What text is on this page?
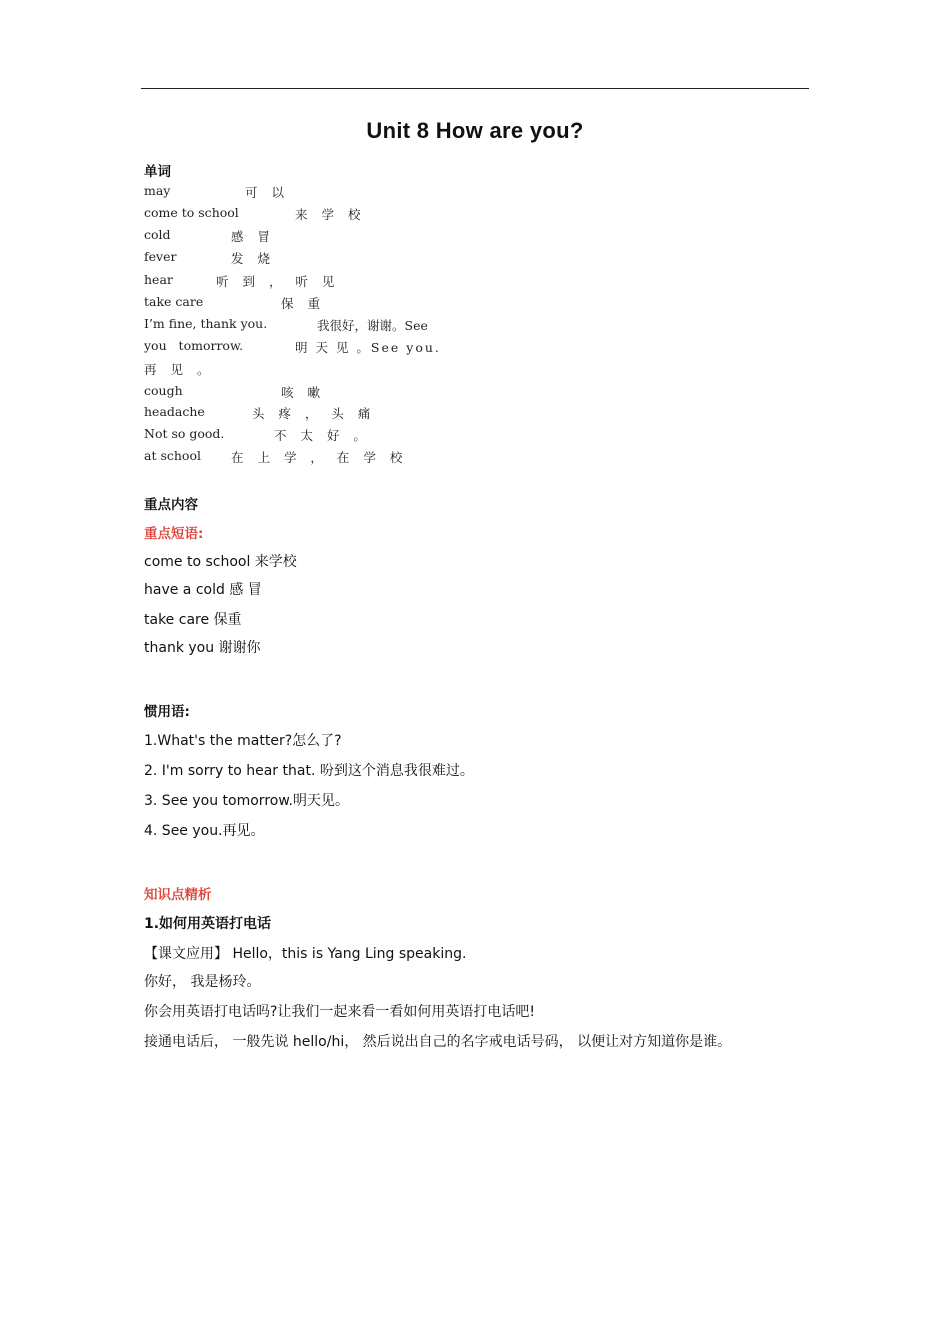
Unit 8 How are you?
单词
may	可 以
come to school	来 学 校
cold	感 冒
fever	发 烧
hear	听 到 ， 听 见
take care	保 重
I’m fine, thank you.	我很好，谢谢。See
you   tomorrow.	明 天 见 。See you.
再 见 。
cough	咳 嗽
headache	头 疼 ， 头 痛
Not so good.	不 太 好 。
at school 在 上 学 ， 在 学 校
重点内容
重点短语:
come to school 来学校
have a cold 感 冒
take care 保重
thank you 谢谢你
惯用语:
1.What's the matter?怎么了?
2. I'm sorry to hear that. 吩到这个消息我很难过。
3. See you tomorrow.明天见。
4. See you.再见。
知识点精析
1.如何用英语打电话
【课文应用】 Hello，this is Yang Ling speaking.
你好， 我是杨玲。
你会用英语打电话吗?让我们一起来看一看如何用英语打电话吧!
接通电话后， 一般先说 hello/hi， 然后说出自己的名字戒电话号码， 以便让对方知道你是谁。
